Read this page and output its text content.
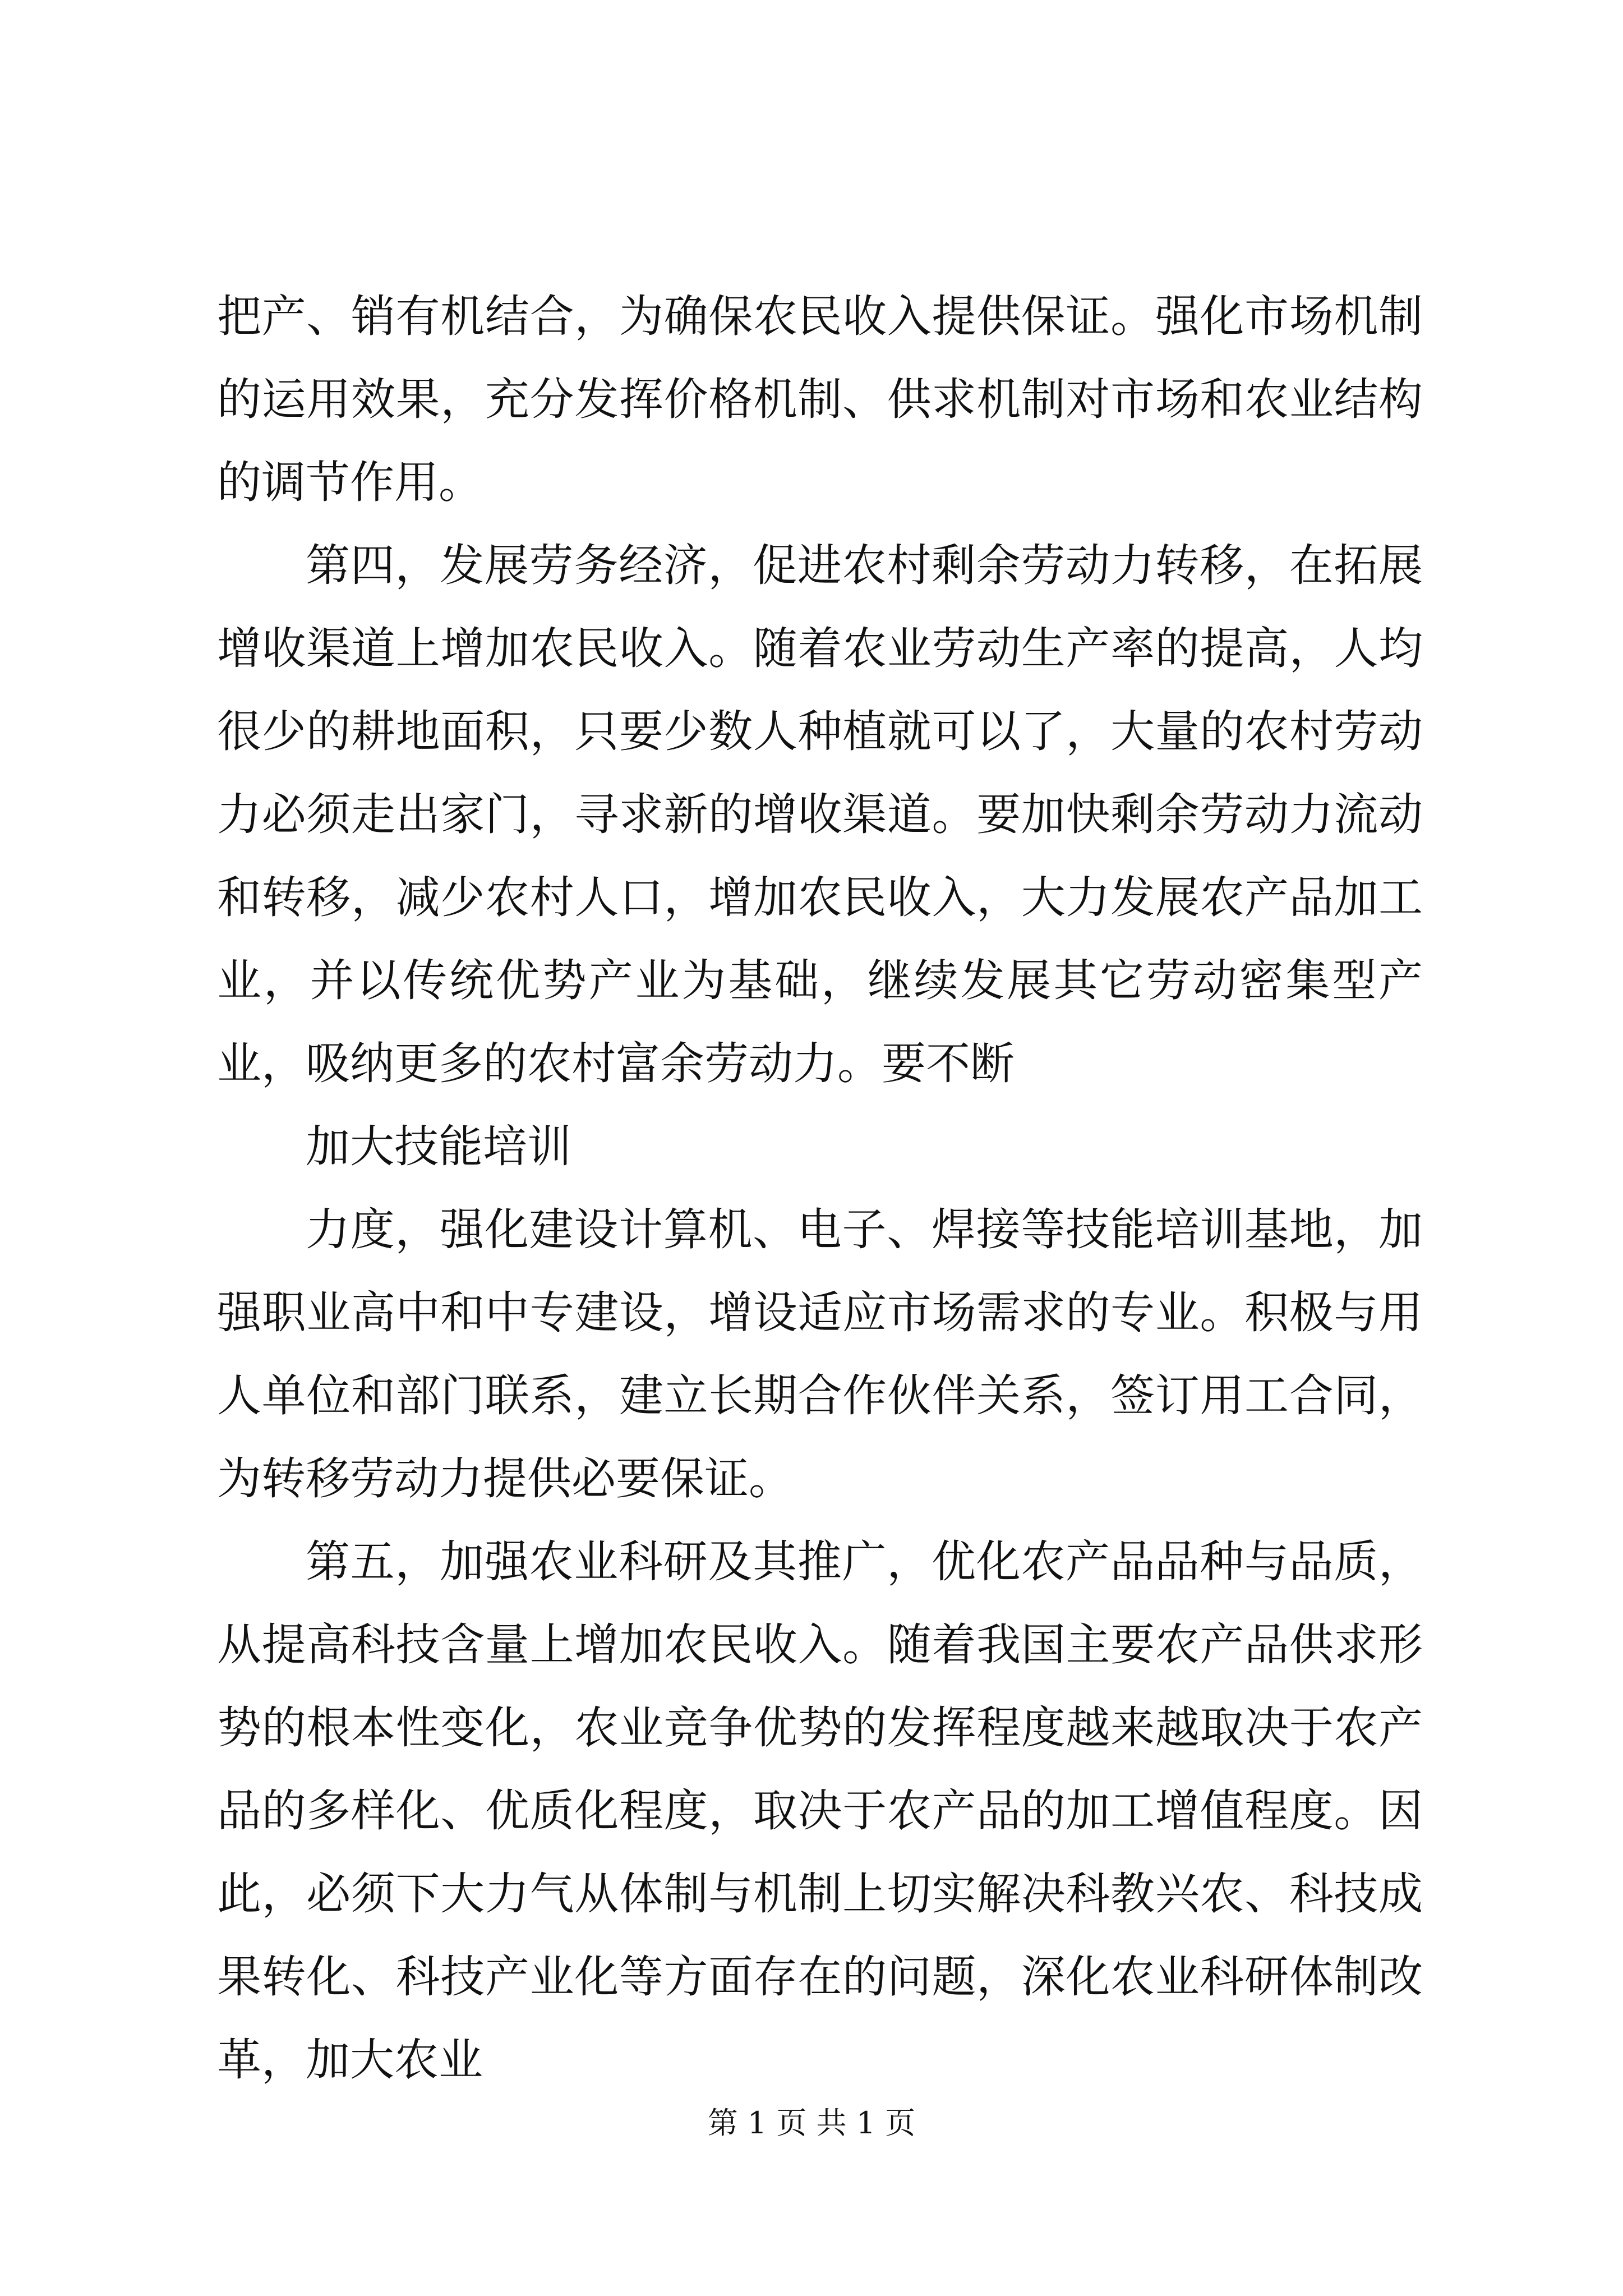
把产、销有机结合，为确保农民收入提供保证。强化市场机制的运用效果，充分发挥价格机制、供求机制对市场和农业结构的调节作用。

第四，发展劳务经济，促进农村剩余劳动力转移，在拓展增收渠道上增加农民收入。随着农业劳动生产率的提高，人均很少的耕地面积，只要少数人种植就可以了，大量的农村劳动力必须走出家门，寻求新的增收渠道。要加快剩余劳动力流动和转移，减少农村人口，增加农民收入，大力发展农产品加工业，并以传统优势产业为基础，继续发展其它劳动密集型产业，吸纳更多的农村富余劳动力。要不断

加大技能培训

力度，强化建设计算机、电子、焊接等技能培训基地，加强职业高中和中专建设，增设适应市场需求的专业。积极与用人单位和部门联系，建立长期合作伙伴关系，签订用工合同，为转移劳动力提供必要保证。

第五，加强农业科研及其推广，优化农产品品种与品质，从提高科技含量上增加农民收入。随着我国主要农产品供求形势的根本性变化，农业竞争优势的发挥程度越来越取决于农产品的多样化、优质化程度，取决于农产品的加工增值程度。因此，必须下大力气从体制与机制上切实解决科教兴农、科技成果转化、科技产业化等方面存在的问题，深化农业科研体制改革，加大农业

第 1 页 共 1 页
